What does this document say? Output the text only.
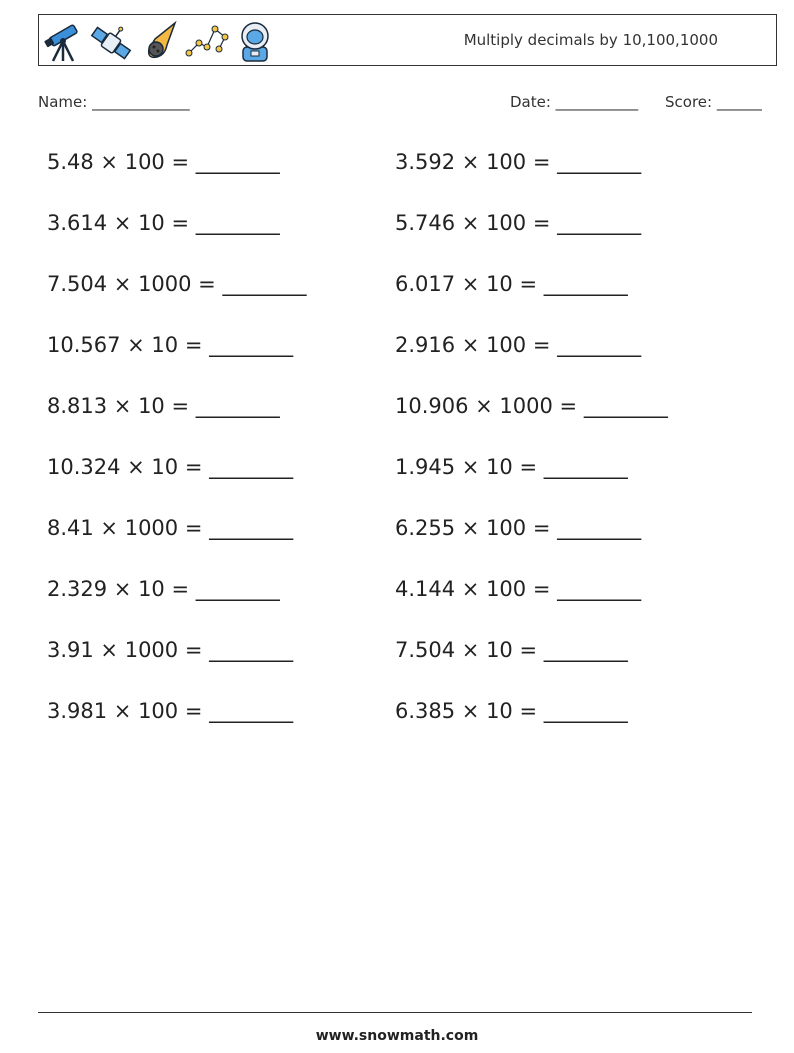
Multiply decimals by 10,100,1000
Name: _____________	Date: ___________ Score: ______
5.48 × 100 = ________	3.592 × 100 = ________
3.614 × 10 = ________	5.746 × 100 = ________
7.504 × 1000 = ________	6.017 × 10 = ________
10.567 × 10 = ________	2.916 × 100 = ________
8.813 × 10 = ________	10.906 × 1000 = ________
10.324 × 10 = ________	1.945 × 10 = ________
8.41 × 1000 = ________	6.255 × 100 = ________
2.329 × 10 = ________	4.144 × 100 = ________
3.91 × 1000 = ________	7.504 × 10 = ________
3.981 × 100 = ________	6.385 × 10 = ________
www.snowmath.com
